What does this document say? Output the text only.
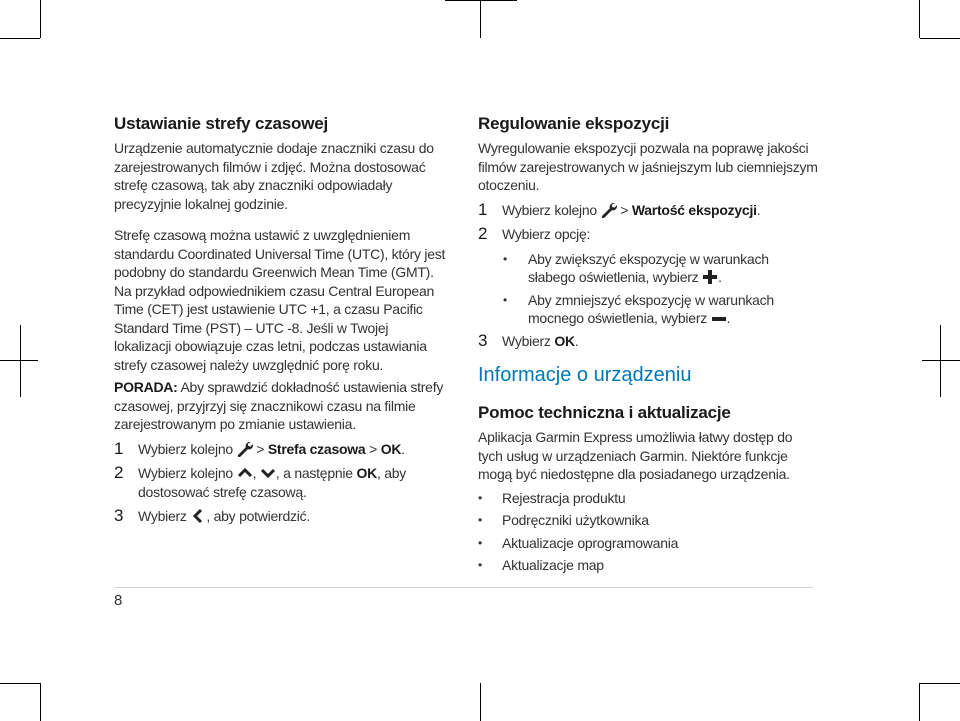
Ustawianie strefy czasowej

Urządzenie automatycznie dodaje znaczniki czasu do zarejestrowanych filmów i zdjęć. Można dostosować strefę czasową, tak aby znaczniki odpowiadały precyzyjnie lokalnej godzinie.

Strefę czasową można ustawić z uwzględnieniem standardu Coordinated Universal Time (UTC), który jest podobny do standardu Greenwich Mean Time (GMT). Na przykład odpowiednikiem czasu Central European Time (CET) jest ustawienie UTC +1, a czasu Pacific Standard Time (PST) – UTC -8. Jeśli w Twojej lokalizacji obowiązuje czas letni, podczas ustawiania strefy czasowej należy uwzględnić porę roku.

PORADA: Aby sprawdzić dokładność ustawienia strefy czasowej, przyjrzyj się znacznikowi czasu na filmie zarejestrowanym po zmianie ustawienia.

1 Wybierz kolejno  > Strefa czasowa > OK.
2 Wybierz kolejno , , a następnie OK, aby dostosować strefę czasową.
3 Wybierz , aby potwierdzić.
Regulowanie ekspozycji

Wyregulowanie ekspozycji pozwala na poprawę jakości filmów zarejestrowanych w jaśniejszym lub ciemniejszym otoczeniu.

1 Wybierz kolejno  > Wartość ekspozycji.
2 Wybierz opcję:
• Aby zwiększyć ekspozycję w warunkach słabego oświetlenia, wybierz .
• Aby zmniejszyć ekspozycję w warunkach mocnego oświetlenia, wybierz .
3 Wybierz OK.
Informacje o urządzeniu
Pomoc techniczna i aktualizacje

Aplikacja Garmin Express umożliwia łatwy dostęp do tych usług w urządzeniach Garmin. Niektóre funkcje mogą być niedostępne dla posiadanego urządzenia.

• Rejestracja produktu
• Podręczniki użytkownika
• Aktualizacje oprogramowania
• Aktualizacje map
8
